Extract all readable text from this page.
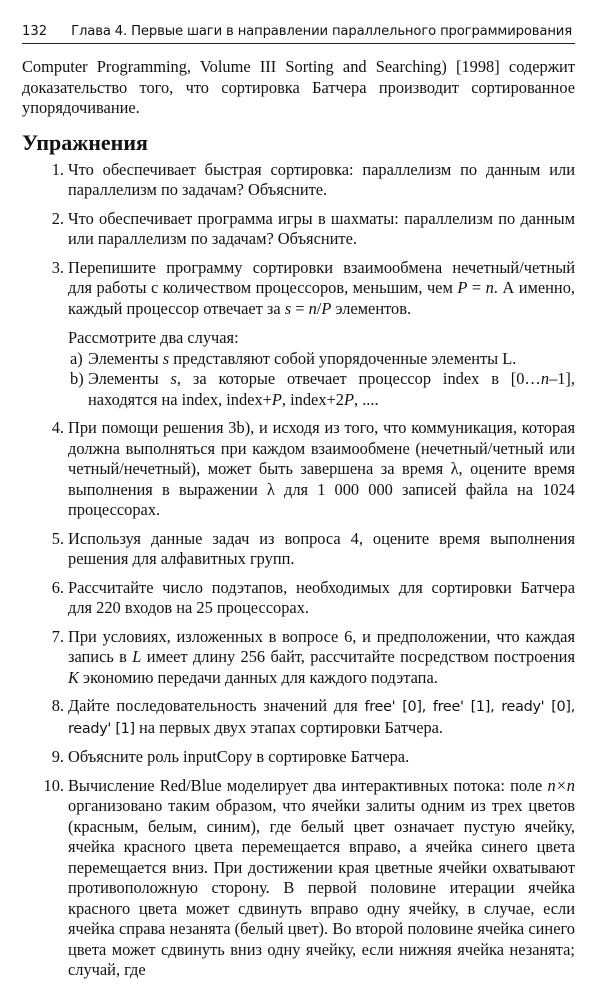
132 Глава 4. Первые шаги в направлении параллельного программирования

Computer Programming, Volume III Sorting and Searching) [1998] содержит доказательство того, что сортировка Батчера производит сортированное упорядочивание.

Упражнения
1. Что обеспечивает быстрая сортировка: параллелизм по данным или параллелизм по задачам? Объясните.

2. Что обеспечивает программа игры в шахматы: параллелизм по данным или параллелизм по задачам? Объясните.

3. Перепишите программу сортировки взаимообмена нечетный/четный для работы с количеством процессоров, меньшим, чем P = n. А именно, каждый процессор отвечает за s = n/P элементов.

Рассмотрите два случая:

a) Элементы s представляют собой упорядоченные элементы L.
b) Элементы s, за которые отвечает процессор index в [0…n–1], находятся на index, index+P, index+2P, ....
4. При помощи решения 3b), и исходя из того, что коммуникация, которая должна выполняться при каждом взаимообмене (нечетный/четный или четный/нечетный), может быть завершена за время λ, оцените время выполнения в выражении λ для 1 000 000 записей файла на 1024 процессорах.

5. Используя данные задач из вопроса 4, оцените время выполнения решения для алфавитных групп.

6. Рассчитайте число подэтапов, необходимых для сортировки Батчера для 220 входов на 25 процессорах.

7. При условиях, изложенных в вопросе 6, и предположении, что каждая запись в L имеет длину 256 байт, рассчитайте посредством построения K экономию передачи данных для каждого подэтапа.

8. Дайте последовательность значений для free' [0], free' [1], ready' [0], ready' [1] на первых двух этапах сортировки Батчера.

9. Объясните роль inputCopy в сортировке Батчера.

10. Вычисление Red/Blue моделирует два интерактивных потока: поле n×n организовано таким образом, что ячейки залиты одним из трех цветов (красным, белым, синим), где белый цвет означает пустую ячейку, ячейка красного цвета перемещается вправо, а ячейка синего цвета перемещается вниз. При достижении края цветные ячейки охватывают противоположную сторону. В первой половине итерации ячейка красного цвета может сдвинуть вправо одну ячейку, в случае, если ячейка справа незанята (белый цвет). Во второй половине ячейка синего цвета может сдвинуть вниз одну ячейку, если нижняя ячейка незанята; случай, где
